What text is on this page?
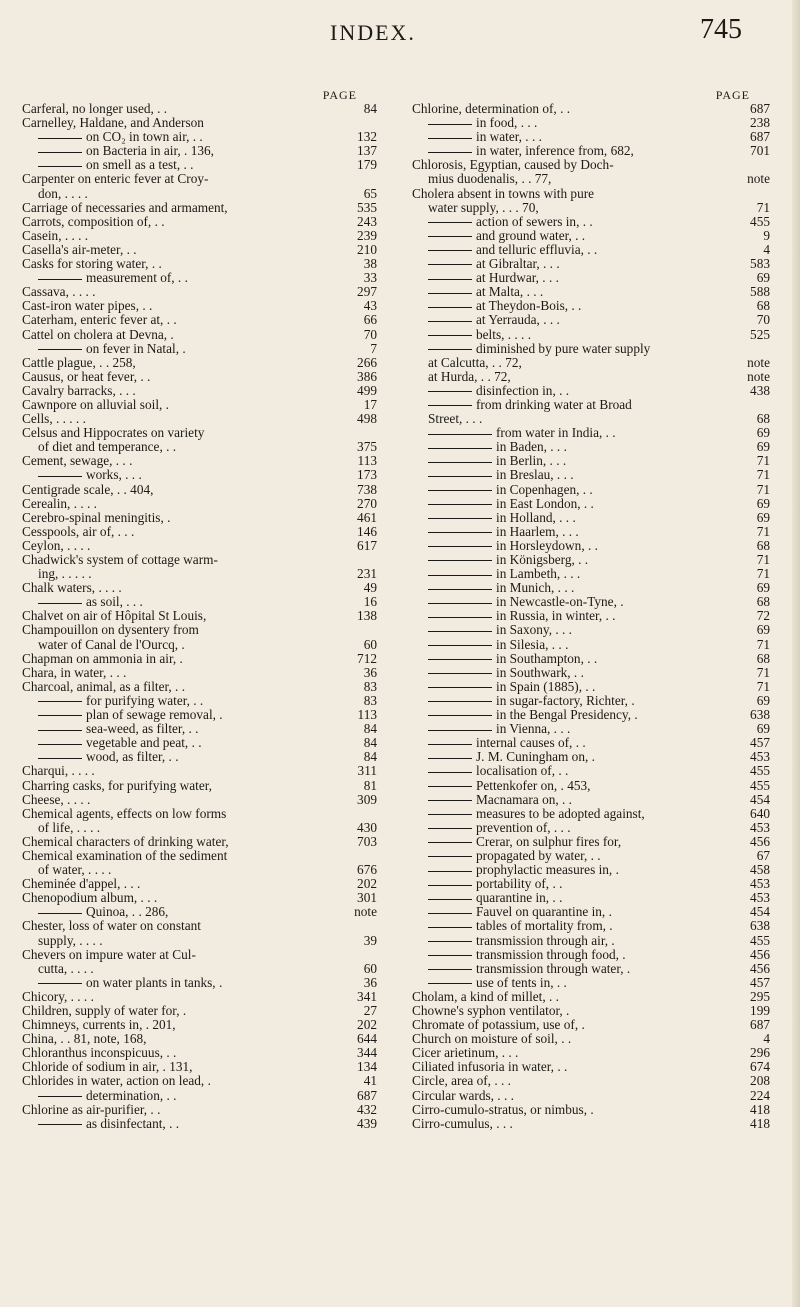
INDEX.	745
PAGE
Carferal, no longer used, . .	84
Carnelley, Haldane, and Anderson
on CO₂ in town air, . .	132
on Bacteria in air, . 136,	137
on smell as a test, . .	179
Carpenter on enteric fever at Croy-
don, . . . .	65
Carriage of necessaries and armament,	535
Carrots, composition of, . .	243
Casein, . . . .	239
Casella's air-meter, . .	210
Casks for storing water, . .	38
measurement of, . .	33
Cassava, . . . .	297
Cast-iron water pipes, . .	43
Caterham, enteric fever at, . .	66
Cattel on cholera at Devna, .	70
on fever in Natal, .	7
Cattle plague, . . 258,	266
Causus, or heat fever, . .	386
Cavalry barracks, . . .	499
Cawnpore on alluvial soil, .	17
Cells, . . . . .	498
Celsus and Hippocrates on variety
of diet and temperance, . .	375
Cement, sewage, . . .	113
works, . . .	173
Centigrade scale, . . 404,	738
Cerealin, . . . .	270
Cerebro-spinal meningitis, .	461
Cesspools, air of, . . .	146
Ceylon, . . . .	617
Chadwick's system of cottage warm-
ing, . . . . .	231
Chalk waters, . . . .	49
as soil, . . .	16
Chalvet on air of Hôpital St Louis,	138
Champouillon on dysentery from
water of Canal de l'Ourcq, .	60
Chapman on ammonia in air, .	712
Chara, in water, . . .	36
Charcoal, animal, as a filter, . .	83
for purifying water, . .	83
plan of sewage removal, .	113
sea-weed, as filter, . .	84
vegetable and peat, . .	84
wood, as filter, . .	84
Charqui, . . . .	311
Charring casks, for purifying water,	81
Cheese, . . . .	309
Chemical agents, effects on low forms
of life, . . . .	430
Chemical characters of drinking water,	703
Chemical examination of the sediment
of water, . . . .	676
Cheminée d'appel, . . .	202
Chenopodium album, . . .	301
Quinoa, . . 286,	note
Chester, loss of water on constant
supply, . . . .	39
Chevers on impure water at Cul-
cutta, . . . .	60
on water plants in tanks, .	36
Chicory, . . . .	341
Children, supply of water for, .	27
Chimneys, currents in, . 201,	202
China, . . 81, note, 168,	644
Chloranthus inconspicuus, . .	344
Chloride of sodium in air, . 131,	134
Chlorides in water, action on lead, .	41
determination, . .	687
Chlorine as air-purifier, . .	432
as disinfectant, . .	439
PAGE
Chlorine, determination of, . .	687
in food, . . .	238
in water, . . .	687
in water, inference from, 682,	701
Chlorosis, Egyptian, caused by Doch-
mius duodenalis, . . 77,	note
Cholera absent in towns with pure
water supply, . . . 70,	71
action of sewers in, . .	455
and ground water, . .	9
and telluric effluvia, . .	4
at Gibraltar, . . .	583
at Hurdwar, . . .	69
at Malta, . . .	588
at Theydon-Bois, . .	68
at Yerrauda, . . .	70
belts, . . . .	525
diminished by pure water supply
at Calcutta, . . 72,	note
at Hurda, . . 72,	note
disinfection in, . .	438
from drinking water at Broad
Street, . . .	68
from water in India, . .	69
in Baden, . . .	69
in Berlin, . . .	71
in Breslau, . . .	71
in Copenhagen, . .	71
in East London, . .	69
in Holland, . . .	69
in Haarlem, . . .	71
in Horsleydown, . .	68
in Königsberg, . .	71
in Lambeth, . . .	71
in Munich, . . .	69
in Newcastle-on-Tyne, .	68
in Russia, in winter, . .	72
in Saxony, . . .	69
in Silesia, . . .	71
in Southampton, . .	68
in Southwark, . .	71
in Spain (1885), . .	71
in sugar-factory, Richter, .	69
in the Bengal Presidency, .	638
in Vienna, . . .	69
internal causes of, . .	457
J. M. Cuningham on, .	453
localisation of, . .	455
Pettenkofer on, . 453,	455
Macnamara on, . .	454
measures to be adopted against,	640
prevention of, . . .	453
Crerar, on sulphur fires for,	456
propagated by water, . .	67
prophylactic measures in, .	458
portability of, . .	453
quarantine in, . .	453
Fauvel on quarantine in, .	454
tables of mortality from, .	638
transmission through air, .	455
transmission through food, .	456
transmission through water, .	456
use of tents in, . .	457
Cholam, a kind of millet, . .	295
Chowne's syphon ventilator, .	199
Chromate of potassium, use of, .	687
Church on moisture of soil, . .	4
Cicer arietinum, . . .	296
Ciliated infusoria in water, . .	674
Circle, area of, . . .	208
Circular wards, . . .	224
Cirro-cumulo-stratus, or nimbus, .	418
Cirro-cumulus, . . .	418
